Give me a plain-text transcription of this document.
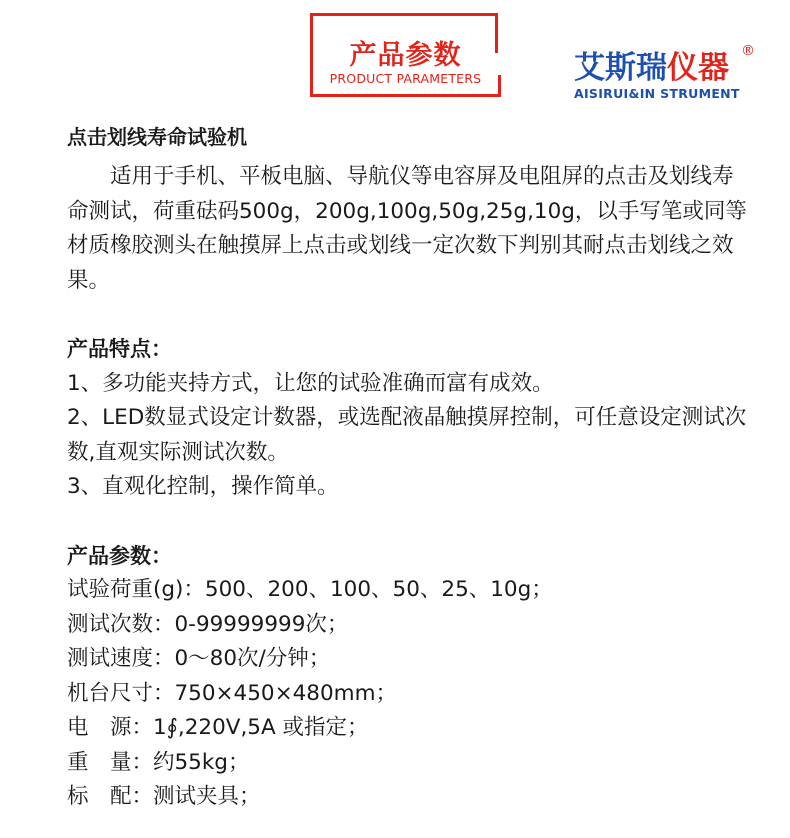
产品参数
PRODUCT PARAMETERS	艾斯瑞仪器 ®
AISIRUI&IN STRUMENT
点击划线寿命试验机

适用于手机、平板电脑、导航仪等电容屏及电阻屏的点击及划线寿命测试，荷重砝码500g，200g,100g,50g,25g,10g，以手写笔或同等材质橡胶测头在触摸屏上点击或划线一定次数下判别其耐点击划线之效果。

产品特点：
1、多功能夹持方式，让您的试验准确而富有成效。
2、LED数显式设定计数器，或选配液晶触摸屏控制，可任意设定测试次数,直观实际测试次数。
3、直观化控制，操作简单。
产品参数：
试验荷重(g)：500、200、100、50、25、10g；
测试次数：0-99999999次；
测试速度：0～80次/分钟；
机台尺寸：750×450×480mm；
电　源：1∮,220V,5A 或指定；
重　量：约55kg；
标　配：测试夹具；
